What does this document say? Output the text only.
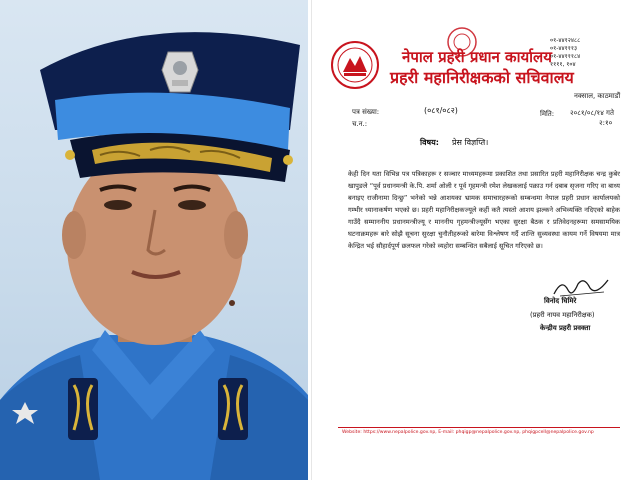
नेपाल प्रहरी प्रधान कार्यालय
प्रहरी महानिरीक्षकको सचिवालय
०१-४४१२४८८
०१-४४१११३
०१-४४१११८४
११११, १०४
नक्साल, काठमाडौं
पत्र संख्या:	(०८१/०८२)	मिति: २०८१/०८/१४ गते
च.न.:	२:१०
विषय: प्रेस विज्ञप्ति।
केही दिन यता विभिन्न पत्र पत्रिकाहरू र सञ्चार माध्यमहरूमा प्रकाशित तथा प्रसारित प्रहरी महानिरीक्षक चन्द्र कुबेर खापुङले “पूर्व प्रधानमन्त्री के.पि. शर्मा ओली र पूर्व गृहमन्त्री रमेश लेखकलाई पक्राउ गर्न दबाब सृजना गरिए वा बाध्य बनाइए राजीनामा दिन्छु” भनेको भन्ने आशयका भ्रामक समाचारहरूको सम्बन्धमा नेपाल प्रहरी प्रधान कार्यालयको गम्भीर ध्यानाकर्षण भएको छ। प्रहरी महानिरीक्षकज्यूले कहीं कतै त्यस्तो आशय झल्कने अभिव्यक्ति नदिएको बाहेक गाउँदै सम्माननीय प्रधानमन्त्रीज्यू र माननीय गृहमन्त्रीज्यूसँग भएका सुरक्षा बैठक र प्रतिवेदनहरूमा समसामयिक घटनाक्रमहरू बारे सोझै सूचना सुरक्षा चुनौतीहरूको बारेमा विश्लेषण गर्दै शान्ति सुव्यवस्था कायम गर्ने विषयमा मात्र केन्द्रित भई सौहार्दपूर्ण छलफल गरेको व्यहोरा सम्बन्धित सबैलाई सूचित गरिएको छ।
विनोद घिमिरे
(प्रहरी नायव महानिरीक्षक)
केन्द्रीय प्रहरी प्रवक्ता
Website: https://www.nepalpolice.gov.np, E-mail: phqigp@nepalpolice.gov.np, phqigpcell@nepalpolice.gov.np
